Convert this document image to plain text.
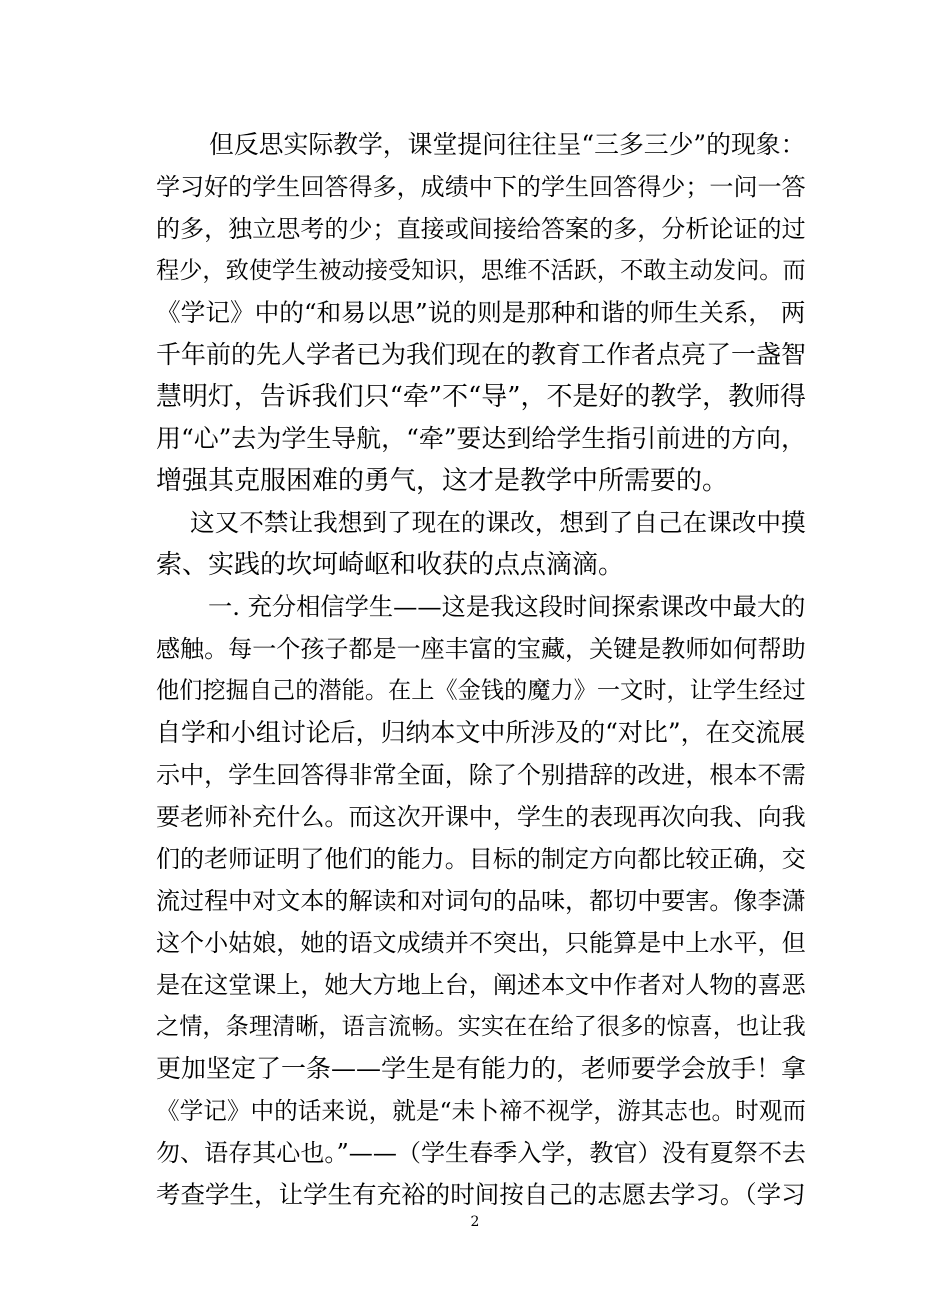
但反思实际教学，课堂提问往往呈“三多三少”的现象：
学习好的学生回答得多，成绩中下的学生回答得少；一问一答
的多，独立思考的少；直接或间接给答案的多，分析论证的过
程少，致使学生被动接受知识，思维不活跃，不敢主动发问。而
《学记》中的“和易以思”说的则是那种和谐的师生关系， 两
千年前的先人学者已为我们现在的教育工作者点亮了一盏智
慧明灯，告诉我们只“牵”不“导”，不是好的教学，教师得
用“心”去为学生导航，“牵”要达到给学生指引前进的方向，
增强其克服困难的勇气，这才是教学中所需要的。
这又不禁让我想到了现在的课改，想到了自己在课改中摸
索、实践的坎坷崎岖和收获的点点滴滴。
一. 充分相信学生——这是我这段时间探索课改中最大的
感触。每一个孩子都是一座丰富的宝藏，关键是教师如何帮助
他们挖掘自己的潜能。在上《金钱的魔力》一文时，让学生经过
自学和小组讨论后，归纳本文中所涉及的“对比”，在交流展
示中，学生回答得非常全面，除了个别措辞的改进，根本不需
要老师补充什么。而这次开课中，学生的表现再次向我、向我
们的老师证明了他们的能力。目标的制定方向都比较正确，交
流过程中对文本的解读和对词句的品味，都切中要害。像李潇
这个小姑娘，她的语文成绩并不突出，只能算是中上水平，但
是在这堂课上，她大方地上台，阐述本文中作者对人物的喜恶
之情，条理清晰，语言流畅。实实在在给了很多的惊喜，也让我
更加坚定了一条——学生是有能力的，老师要学会放手！拿
《学记》中的话来说，就是“未卜禘不视学，游其志也。时观而
勿、语存其心也。”——（学生春季入学，教官）没有夏祭不去
考查学生，让学生有充裕的时间按自己的志愿去学习。（学习
2
